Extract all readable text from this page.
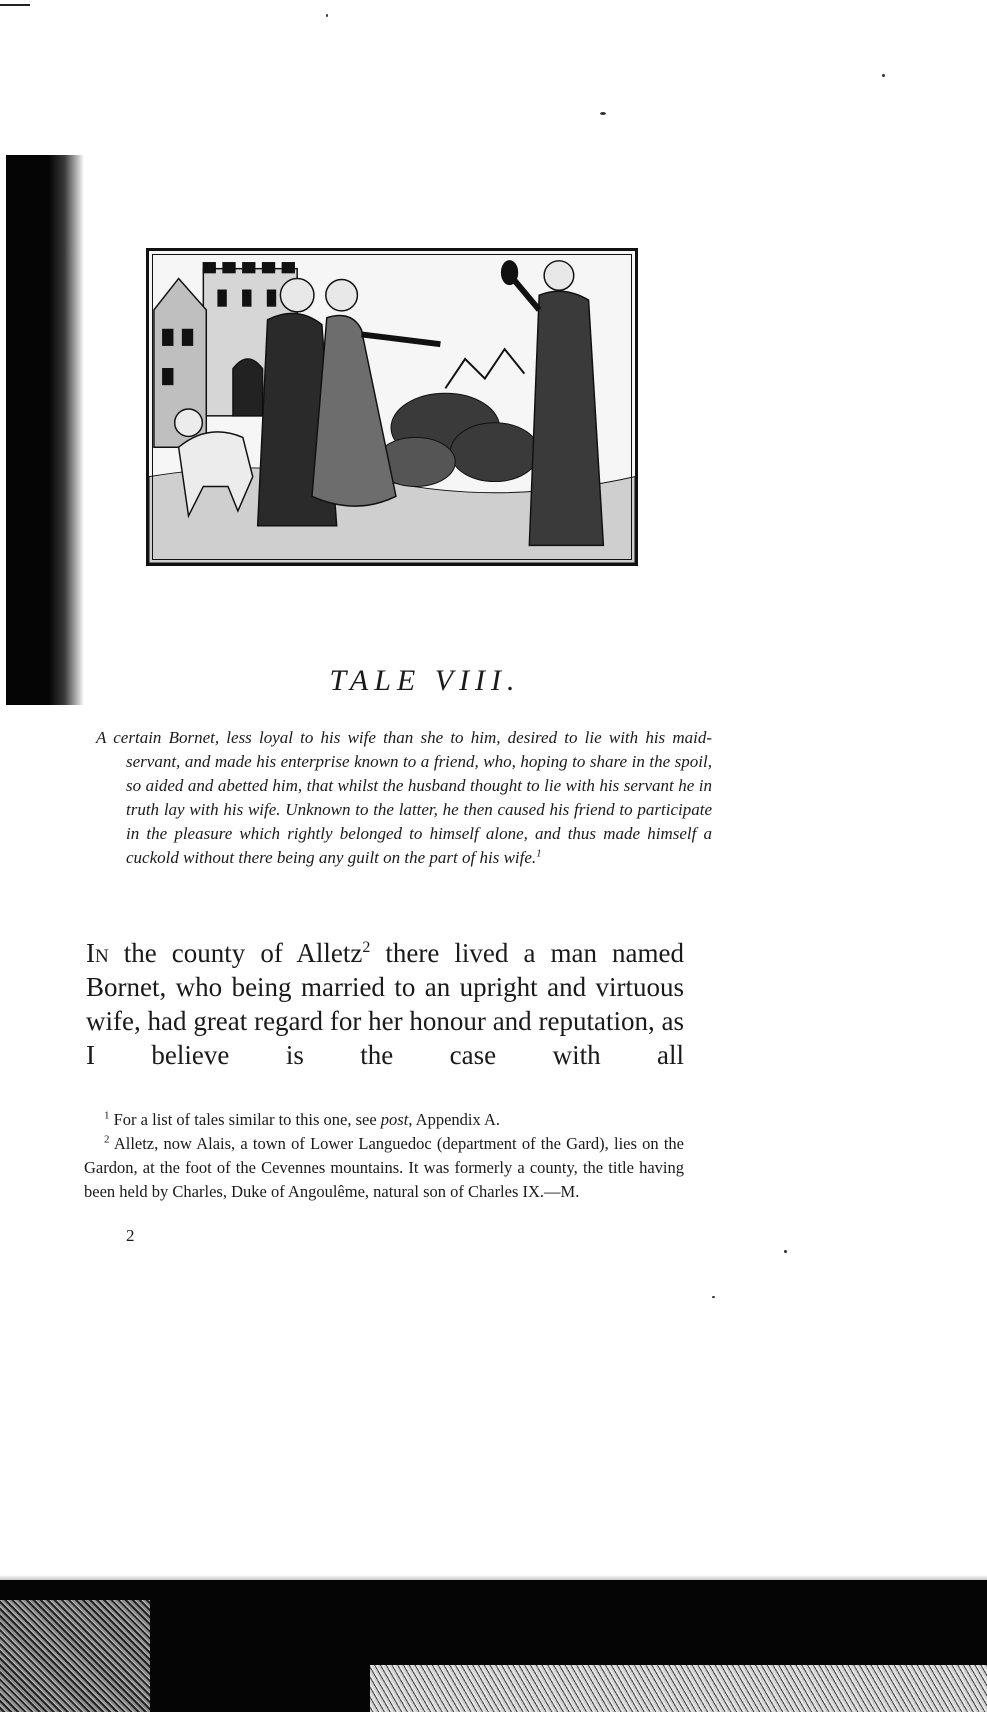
TALE VIII.
A certain Bornet, less loyal to his wife than she to him, desired to lie with his maid-servant, and made his enterprise known to a friend, who, hoping to share in the spoil, so aided and abetted him, that whilst the husband thought to lie with his servant he in truth lay with his wife. Unknown to the latter, he then caused his friend to participate in the pleasure which rightly belonged to himself alone, and thus made himself a cuckold without there being any guilt on the part of his wife.$^1$
In the county of Alletz$^2$ there lived a man named Bornet, who being married to an upright and virtuous wife, had great regard for her honour and reputation, as I believe is the case with all
$^1$ For a list of tales similar to this one, see post, Appendix A.
$^2$ Alletz, now Alais, a town of Lower Languedoc (department of the Gard), lies on the Gardon, at the foot of the Cevennes mountains. It was formerly a county, the title having been held by Charles, Duke of Angoulême, natural son of Charles IX.—M.
2
